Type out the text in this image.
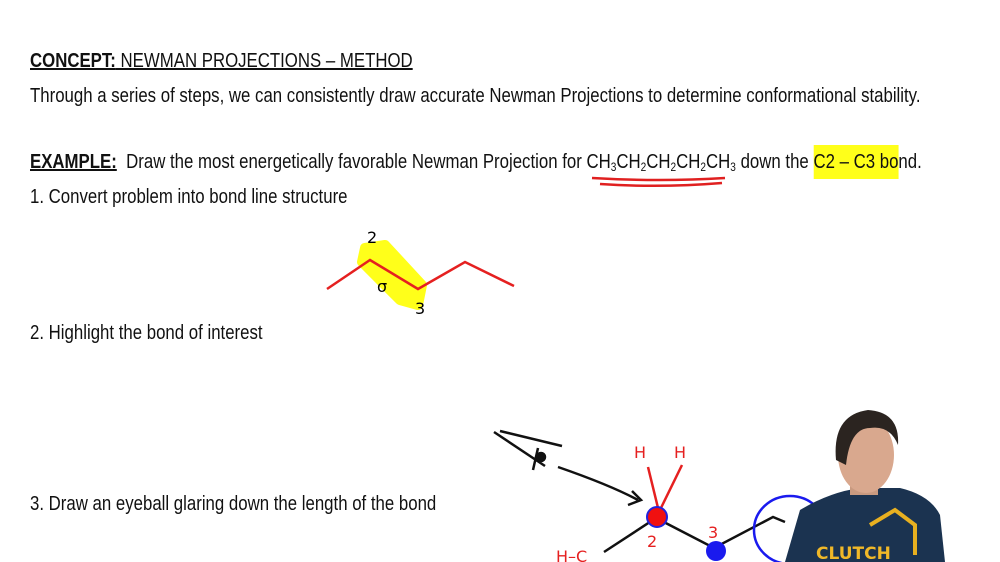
CONCEPT: NEWMAN PROJECTIONS – METHOD
Through a series of steps, we can consistently draw accurate Newman Projections to determine conformational stability.
EXAMPLE:  Draw the most energetically favorable Newman Projection for $CH_3CH_2CH_2CH_2CH_3$ down the C2 – C3 bond.
1. Convert problem into bond line structure
2. Highlight the bond of interest
3. Draw an eyeball glaring down the length of the bond
2
3
σ
H H
2	3
H–C	CLUTCH
